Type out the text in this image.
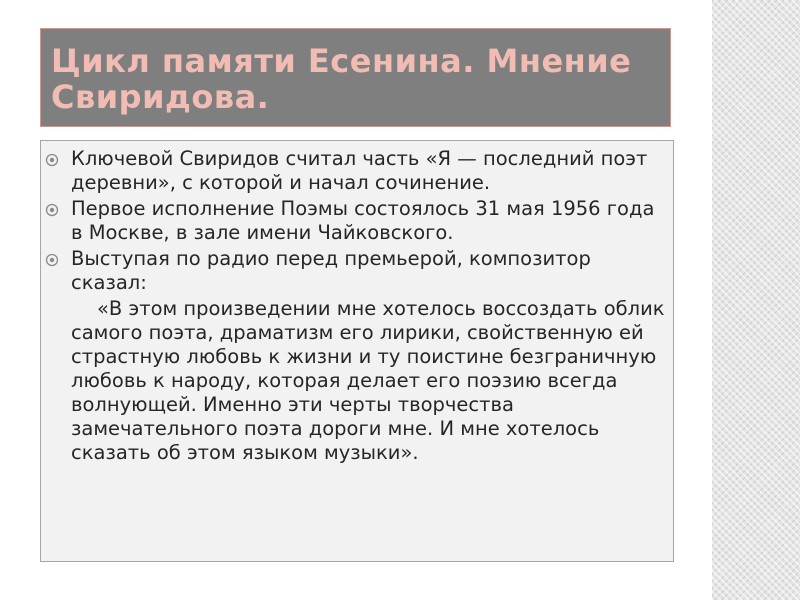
Цикл памяти Есенина. Мнение Свиридова.
Ключевой Свиридов считал часть «Я — последний поэт деревни», с которой и начал сочинение.
Первое исполнение Поэмы состоялось 31 мая 1956 года в Москве, в зале имени Чайковского.
Выступая по радио перед премьерой, композитор сказал:
«В этом произведении мне хотелось воссоздать облик самого поэта, драматизм его лирики, свойственную ей страстную любовь к жизни и ту поистине безграничную любовь к народу, которая делает его поэзию всегда волнующей. Именно эти черты творчества замечательного поэта дороги мне. И мне хотелось сказать об этом языком музыки».
